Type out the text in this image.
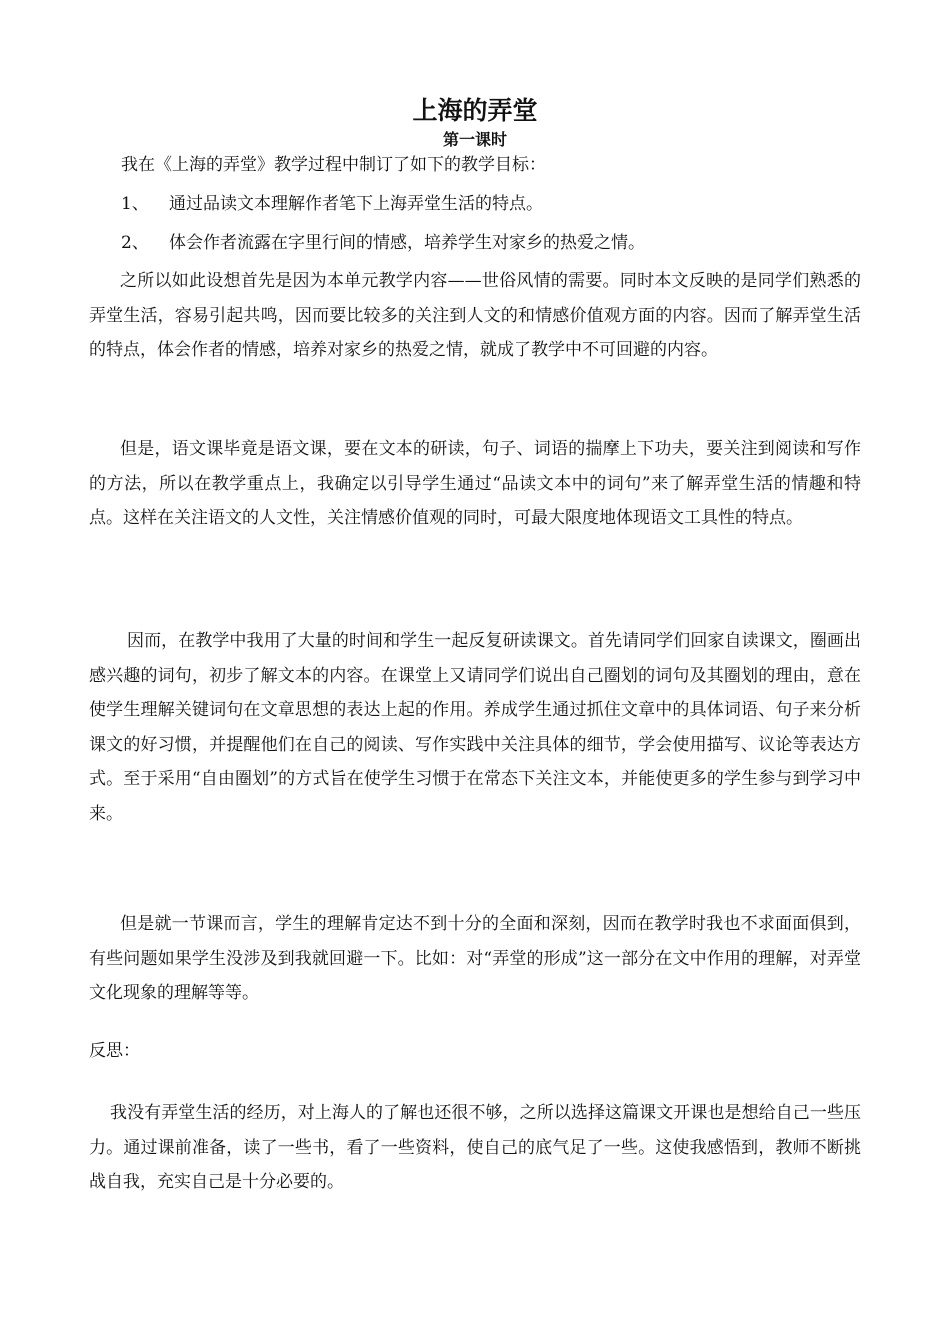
上海的弄堂
第一课时

我在《上海的弄堂》教学过程中制订了如下的教学目标：

1、 通过品读文本理解作者笔下上海弄堂生活的特点。

2、 体会作者流露在字里行间的情感，培养学生对家乡的热爱之情。

之所以如此设想首先是因为本单元教学内容——世俗风情的需要。同时本文反映的是同学们熟悉的弄堂生活，容易引起共鸣，因而要比较多的关注到人文的和情感价值观方面的内容。因而了解弄堂生活的特点，体会作者的情感，培养对家乡的热爱之情，就成了教学中不可回避的内容。

但是，语文课毕竟是语文课，要在文本的研读，句子、词语的揣摩上下功夫，要关注到阅读和写作的方法，所以在教学重点上，我确定以引导学生通过“品读文本中的词句”来了解弄堂生活的情趣和特点。这样在关注语文的人文性，关注情感价值观的同时，可最大限度地体现语文工具性的特点。

因而，在教学中我用了大量的时间和学生一起反复研读课文。首先请同学们回家自读课文，圈画出感兴趣的词句，初步了解文本的内容。在课堂上又请同学们说出自己圈划的词句及其圈划的理由，意在使学生理解关键词句在文章思想的表达上起的作用。养成学生通过抓住文章中的具体词语、句子来分析课文的好习惯，并提醒他们在自己的阅读、写作实践中关注具体的细节，学会使用描写、议论等表达方式。至于采用“自由圈划”的方式旨在使学生习惯于在常态下关注文本，并能使更多的学生参与到学习中来。

但是就一节课而言，学生的理解肯定达不到十分的全面和深刻，因而在教学时我也不求面面俱到，有些问题如果学生没涉及到我就回避一下。比如：对“弄堂的形成”这一部分在文中作用的理解，对弄堂文化现象的理解等等。

反思：

我没有弄堂生活的经历，对上海人的了解也还很不够，之所以选择这篇课文开课也是想给自己一些压力。通过课前准备，读了一些书，看了一些资料，使自己的底气足了一些。这使我感悟到，教师不断挑战自我，充实自己是十分必要的。
